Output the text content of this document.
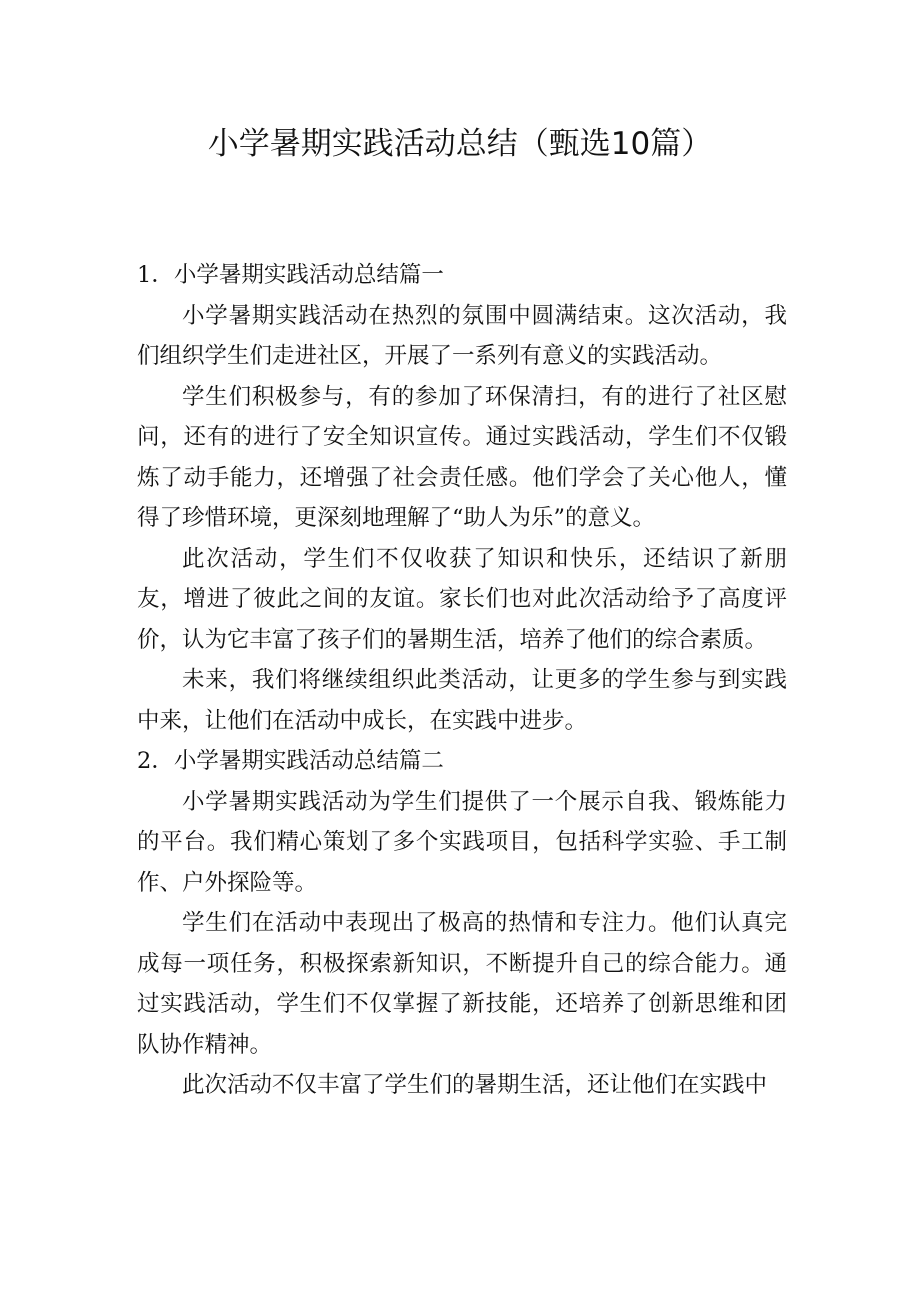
小学暑期实践活动总结（甄选10篇）

1．小学暑期实践活动总结篇一

小学暑期实践活动在热烈的氛围中圆满结束。这次活动，我们组织学生们走进社区，开展了一系列有意义的实践活动。

学生们积极参与，有的参加了环保清扫，有的进行了社区慰问，还有的进行了安全知识宣传。通过实践活动，学生们不仅锻炼了动手能力，还增强了社会责任感。他们学会了关心他人，懂得了珍惜环境，更深刻地理解了“助人为乐”的意义。

此次活动，学生们不仅收获了知识和快乐，还结识了新朋友，增进了彼此之间的友谊。家长们也对此次活动给予了高度评价，认为它丰富了孩子们的暑期生活，培养了他们的综合素质。

未来，我们将继续组织此类活动，让更多的学生参与到实践中来，让他们在活动中成长，在实践中进步。

2．小学暑期实践活动总结篇二

小学暑期实践活动为学生们提供了一个展示自我、锻炼能力的平台。我们精心策划了多个实践项目，包括科学实验、手工制作、户外探险等。

学生们在活动中表现出了极高的热情和专注力。他们认真完成每一项任务，积极探索新知识，不断提升自己的综合能力。通过实践活动，学生们不仅掌握了新技能，还培养了创新思维和团队协作精神。

此次活动不仅丰富了学生们的暑期生活，还让他们在实践中
